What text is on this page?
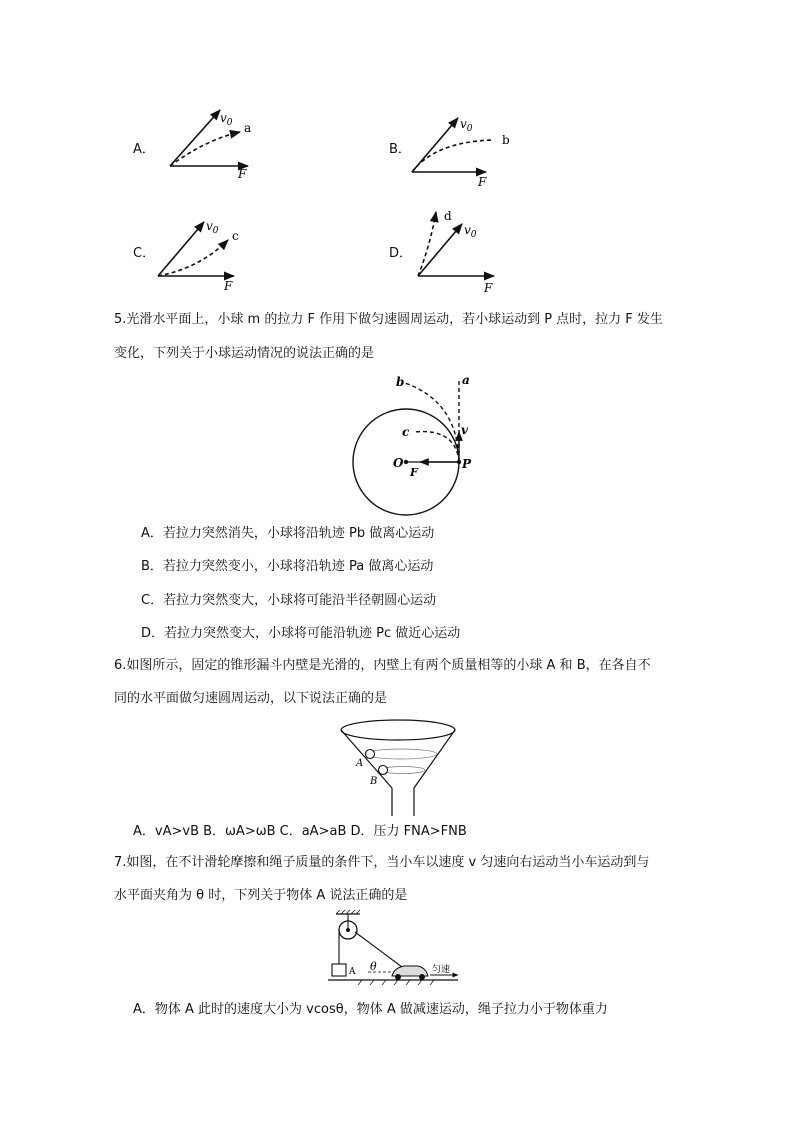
A．
$v_0$ a
F
B．
$v_0$
b
F
C．
$v_0$ c
F
D．
d
$v_0$
F
5.光滑水平面上，小球 m 的拉力 F 作用下做匀速圆周运动，若小球运动到 P 点时，拉力 F 发生
变化，下列关于小球运动情况的说法正确的是
a
b
c	v
O
F
P
A．若拉力突然消失，小球将沿轨迹 Pb 做离心运动
B．若拉力突然变小，小球将沿轨迹 Pa 做离心运动
C．若拉力突然变大，小球将可能沿半径朝圆心运动
D．若拉力突然变大，小球将可能沿轨迹 Pc 做近心运动
6.如图所示，固定的锥形漏斗内壁是光滑的，内壁上有两个质量相等的小球 A 和 B，在各自不
同的水平面做匀速圆周运动，以下说法正确的是
A
B
A．vA>vB B．ωA>ωB C．aA>aB D．压力 FNA>FNB
7.如图，在不计滑轮摩擦和绳子质量的条件下，当小车以速度 v 匀速向右运动当小车运动到与
水平面夹角为 θ 时，下列关于物体 A 说法正确的是
A θ	匀速
A．物体 A 此时的速度大小为 vcosθ，物体 A 做减速运动，绳子拉力小于物体重力
